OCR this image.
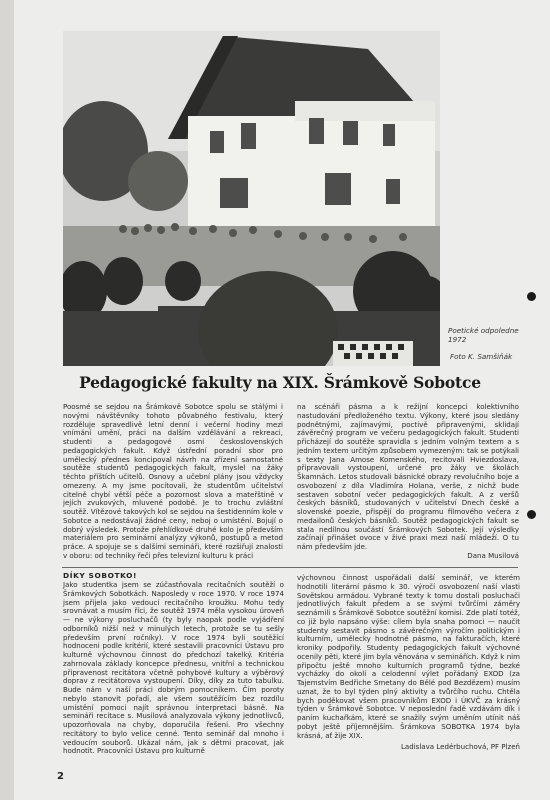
Poetické odpoledne
1972
Foto K. Samšiňák
Pedagogické fakulty na XIX. Šrámkově Sobotce

Poosmé se sejdou na Šrámkově Sobotce spolu se stálými i novými návštěvníky tohoto půvabného festivalu, který rozděluje spravedlivě letní denní i večerní hodiny mezi vnímání umění, práci na dalším vzdělávání a rekreaci, studenti a pedagogové osmi československých pedagogických fakult. Když ústřední poradní sbor pro umělecký přednes koncipoval návrh na zřízení samostatné soutěže studentů pedagogických fakult, myslel na žáky těchto příštích učitelů. Osnovy a učební plány jsou vždycky omezeny. A my jsme pocítovali, že studentům učitelství citelně chybí větší péče a pozornost slova a mateřštině v jejích zvukových, mluvené podobě. Je to trochu zvláštní soutěž. Vítězové takových kol se sejdou na šestidenním kole v Sobotce a nedostávají žádné ceny, neboj o umístění. Bojují o dobrý výsledek. Protože přehlídkové druhé kolo je především materiálem pro seminární analýzy výkonů, postupů a metod práce. A spojuje se s dalšími semináři, které rozšiřují znalosti v oboru: od techniky řeči přes televizní kulturu k práci

na scénáři pásma a k režijní koncepci kolektivního nastudování předloženého textu. Výkony, které jsou sledány podnětnými, zajímavými, poctivě připravenými, sklidají závěrečný program ve večeru pedagogických fakult. Studenti přicházejí do soutěže spravidla s jedním volným textem a s jedním textem určitým způsobem vymezeným: tak se potýkali s texty Jana Amose Komenského, recitovali Hviezdoslava, připravovali vystoupení, určené pro žáky ve školách Škamnách. Letos studovali básnické obrazy revolučního boje a osvobození z díla Vladimíra Holana, verše, z nichž bude sestaven sobotní večer pedagogických fakult. A z veršů českých básníků, studovaných v učitelství Dnech české a slovenské poezie, přispějí do programu filmového večera z medailonů českých básníků. Soutěž pedagogických fakult se stala nedílnou součástí Šrámkových Sobotek. Její výsledky začínají přinášet ovoce v živé praxi mezi naší mládeží. O tu nám především jde.

Dana Musilová

DÍKY SOBOTKO!

Jako studentka jsem se zúčastňovala recitačních soutěží o Šrámkových Sobotkách. Naposledy v roce 1970. V roce 1974 jsem přijela jako vedoucí recitačního kroužku. Mohu tedy srovnávat a musím říci, že soutěž 1974 měla vysokou úroveň — ne výkony posluchačů (ty byly naopak podle vyjádření odborníků nižší než v minulých letech, protože se tu sešly především první ročníky). V roce 1974 byli soutěžící hodnoceni podle kritérií, které sestavili pracovníci Ústavu pro kulturně výchovnou činnost do předchozí takelký. Kritéria zahrnovala základy koncepce přednesu, vnitřní a technickou připravenost recitátora včetně pohybové kultury a výběrový doprav z recitátorova vystoupení. Díky, díky za tuto tabulku. Bude nám v naší práci dobrým pomocníkem. Čím poroty nebylo stanovit pořadí, ale všem soutěžícím bez rozdílu umístění pomoci najít správnou interpretaci básně. Na semináři recitace s. Musilová analyzovala výkony jednotlivců, upozorňovala na chyby, doporučila řešení. Pro všechny recitátory to bylo velice cenné. Tento seminář dal mnoho i vedoucím souborů. Ukázal nám, jak s dětmi pracovat, jak hodnotit. Pracovníci Ústavu pro kulturně

výchovnou činnost uspořádali další seminář, ve kterém hodnotili literární pásmo k 30. výročí osvobození naší vlasti Sovětskou armádou. Vybrané texty k tomu dostali posluchači jednotlivých fakult předem a se svými tvůrčími záměry seznámili s Šrámkově Sobotce soutěžní komisi. Zde platí totéž, co již bylo napsáno výše: cílem byla snaha pomoci — naučit studenty sestavit pásmo s závěrečným výročím politickým i kulturním, umělecky hodnotné pásmo, na fakturačích, které kroniky podpořily. Studenty pedagogických fakult výchovné ocenily pěti, které jim byla věnována v seminářích. Když k nim připočtu ještě mnoho kulturních programů týdne, bezké vycházky do okolí a celodenní výlet pořádaný EXOD (za Tajemstvím Bedřiche Smetany do Bělé pod Bezdězem) musím uznat, že to byl týden plný aktivity a tvůrčího ruchu. Chtěla bych poděkovat všem pracovníkům EXOD i ÚKVČ za krásný týden v Šrámkově Sobotce. V neposlední řadě vzdávám dík i paním kuchařkám, které se snažily svým uměním utínit náš pobyt ještě příjemnějším. Šrámkova SOBOTKA 1974 byla krásná, ať žije XIX.

Ladislava Ledérbuchová, PF Plzeň

2
